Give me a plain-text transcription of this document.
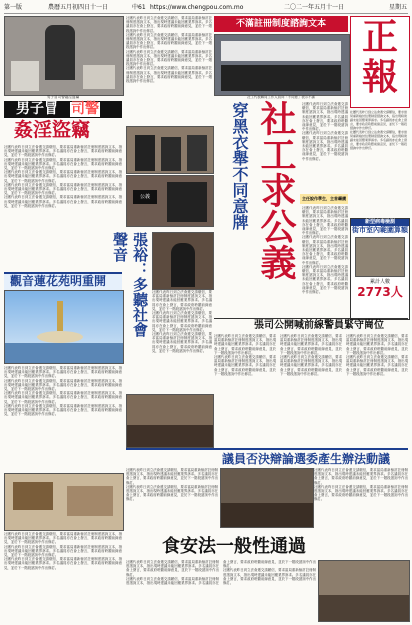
第一版	農曆五月初四日十一日	中61 https://www.chengpou.com.mo	二〇二一年五月十一日	星期五
男子冒司警姦淫盜竊
男子冒 司警
姦淫盜竊
社團代表昨日到立法會遞交請願信，要求當局重新檢討註冊制度諮詢文本，指出現時建議未能回應業界訴求。多名議員亦在會上發言，要求政府聆聽前線意見，並於下一階段諮詢中作出修訂。
社團代表昨日到立法會遞交請願信，要求當局重新檢討註冊制度諮詢文本，指出現時建議未能回應業界訴求。多名議員亦在會上發言，要求政府聆聽前線意見，並於下一階段諮詢中作出修訂。
社團代表昨日到立法會遞交請願信，要求當局重新檢討註冊制度諮詢文本，指出現時建議未能回應業界訴求。多名議員亦在會上發言，要求政府聆聽前線意見，並於下一階段諮詢中作出修訂。
社團代表昨日到立法會遞交請願信，要求當局重新檢討註冊制度諮詢文本，指出現時建議未能回應業界訴求。多名議員亦在會上發言，要求政府聆聽前線意見，並於下一階段諮詢中作出修訂。
社團代表昨日到立法會遞交請願信，要求當局重新檢討註冊制度諮詢文本，指出現時建議未能回應業界訴求。多名議員亦在會上發言，要求政府聆聽前線意見，並於下一階段諮詢中作出修訂。
觀音蓮花苑明重開
社團代表昨日到立法會遞交請願信，要求當局重新檢討註冊制度諮詢文本，指出現時建議未能回應業界訴求。多名議員亦在會上發言，要求政府聆聽前線意見，並於下一階段諮詢中作出修訂。
社團代表昨日到立法會遞交請願信，要求當局重新檢討註冊制度諮詢文本，指出現時建議未能回應業界訴求。多名議員亦在會上發言，要求政府聆聽前線意見，並於下一階段諮詢中作出修訂。
社團代表昨日到立法會遞交請願信，要求當局重新檢討註冊制度諮詢文本，指出現時建議未能回應業界訴求。多名議員亦在會上發言，要求政府聆聽前線意見，並於下一階段諮詢中作出修訂。
社團代表昨日到立法會遞交請願信，要求當局重新檢討註冊制度諮詢文本，指出現時建議未能回應業界訴求。多名議員亦在會上發言，要求政府聆聽前線意見，並於下一階段諮詢中作出修訂。
社團代表昨日到立法會遞交請願信，要求當局重新檢討註冊制度諮詢文本，指出現時建議未能回應業界訴求。多名議員亦在會上發言，要求政府聆聽前線意見，並於下一階段諮詢中作出修訂。
社團代表昨日到立法會遞交請願信，要求當局重新檢討註冊制度諮詢文本，指出現時建議未能回應業界訴求。多名議員亦在會上發言，要求政府聆聽前線意見，並於下一階段諮詢中作出修訂。
社團代表昨日到立法會遞交請願信，要求當局重新檢討註冊制度諮詢文本，指出現時建議未能回應業界訴求。多名議員亦在會上發言，要求政府聆聽前線意見，並於下一階段諮詢中作出修訂。
社團代表昨日到立法會遞交請願信，要求當局重新檢討註冊制度諮詢文本，指出現時建議未能回應業界訴求。多名議員亦在會上發言，要求政府聆聽前線意見，並於下一階段諮詢中作出修訂。
社團代表昨日到立法會遞交請願信，要求當局重新檢討註冊制度諮詢文本，指出現時建議未能回應業界訴求。多名議員亦在會上發言，要求政府聆聽前線意見，並於下一階段諮詢中作出修訂。
社團代表昨日到立法會遞交請願信，要求當局重新檢討註冊制度諮詢文本，指出現時建議未能回應業界訴求。多名議員亦在會上發言，要求政府聆聽前線意見，並於下一階段諮詢中作出修訂。
社團代表昨日到立法會遞交請願信，要求當局重新檢討註冊制度諮詢文本，指出現時建議未能回應業界訴求。多名議員亦在會上發言，要求政府聆聽前線意見，並於下一階段諮詢中作出修訂。
公義
張裕：多聽社會聲音
社團代表昨日到立法會遞交請願信，要求當局重新檢討註冊制度諮詢文本，指出現時建議未能回應業界訴求。多名議員亦在會上發言，要求政府聆聽前線意見，並於下一階段諮詢中作出修訂。
社團代表昨日到立法會遞交請願信，要求當局重新檢討註冊制度諮詢文本，指出現時建議未能回應業界訴求。多名議員亦在會上發言，要求政府聆聽前線意見，並於下一階段諮詢中作出修訂。
社團代表昨日到立法會遞交請願信，要求當局重新檢討註冊制度諮詢文本，指出現時建議未能回應業界訴求。多名議員亦在會上發言，要求政府聆聽前線意見，並於下一階段諮詢中作出修訂。
不滿註冊制度諮詢文本
社工代表聯同工作人員向「不同意」表示不滿
穿黑衣舉不同意牌 社工求公義	社團代表昨日到立法會遞交請願信，要求當局重新檢討註冊制度諮詢文本，指出現時建議未能回應業界訴求。多名議員亦在會上發言，要求政府聆聽前線意見，並於下一階段諮詢中作出修訂。
社團代表昨日到立法會遞交請願信，要求當局重新檢討註冊制度諮詢文本，指出現時建議未能回應業界訴求。多名議員亦在會上發言，要求政府聆聽前線意見，並於下一階段諮詢中作出修訂。
主任說作學生，主首繼續
社團代表昨日到立法會遞交請願信，要求當局重新檢討註冊制度諮詢文本，指出現時建議未能回應業界訴求。多名議員亦在會上發言，要求政府聆聽前線意見，並於下一階段諮詢中作出修訂。
社團代表昨日到立法會遞交請願信，要求當局重新檢討註冊制度諮詢文本，指出現時建議未能回應業界訴求。多名議員亦在會上發言，要求政府聆聽前線意見，並於下一階段諮詢中作出修訂。
社團代表昨日到立法會遞交請願信，要求當局重新檢討註冊制度諮詢文本，指出現時建議未能回應業界訴求。多名議員亦在會上發言，要求政府聆聽前線意見，並於下一階段諮詢中作出修訂。
正
報
社團代表昨日到立法會遞交請願信，要求當局重新檢討註冊制度諮詢文本，指出現時建議未能回應業界訴求。多名議員亦在會上發言，要求政府聆聽前線意見，並於下一階段諮詢中作出修訂。
社團代表昨日到立法會遞交請願信，要求當局重新檢討註冊制度諮詢文本，指出現時建議未能回應業界訴求。多名議員亦在會上發言，要求政府聆聽前線意見，並於下一階段諮詢中作出修訂。
新型病毒檢測
街市室內範圍算額
累計人數
2773人
張司公開喊前線警員緊守崗位
社團代表昨日到立法會遞交請願信，要求當局重新檢討註冊制度諮詢文本，指出現時建議未能回應業界訴求。多名議員亦在會上發言，要求政府聆聽前線意見，並於下一階段諮詢中作出修訂。
社團代表昨日到立法會遞交請願信，要求當局重新檢討註冊制度諮詢文本，指出現時建議未能回應業界訴求。多名議員亦在會上發言，要求政府聆聽前線意見，並於下一階段諮詢中作出修訂。
社團代表昨日到立法會遞交請願信，要求當局重新檢討註冊制度諮詢文本，指出現時建議未能回應業界訴求。多名議員亦在會上發言，要求政府聆聽前線意見，並於下一階段諮詢中作出修訂。
社團代表昨日到立法會遞交請願信，要求當局重新檢討註冊制度諮詢文本，指出現時建議未能回應業界訴求。多名議員亦在會上發言，要求政府聆聽前線意見，並於下一階段諮詢中作出修訂。
社團代表昨日到立法會遞交請願信，要求當局重新檢討註冊制度諮詢文本，指出現時建議未能回應業界訴求。多名議員亦在會上發言，要求政府聆聽前線意見，並於下一階段諮詢中作出修訂。
社團代表昨日到立法會遞交請願信，要求當局重新檢討註冊制度諮詢文本，指出現時建議未能回應業界訴求。多名議員亦在會上發言，要求政府聆聽前線意見，並於下一階段諮詢中作出修訂。
議員否決辯論選委產生辦法動議
社團代表昨日到立法會遞交請願信，要求當局重新檢討註冊制度諮詢文本，指出現時建議未能回應業界訴求。多名議員亦在會上發言，要求政府聆聽前線意見，並於下一階段諮詢中作出修訂。
社團代表昨日到立法會遞交請願信，要求當局重新檢討註冊制度諮詢文本，指出現時建議未能回應業界訴求。多名議員亦在會上發言，要求政府聆聽前線意見，並於下一階段諮詢中作出修訂。
社團代表昨日到立法會遞交請願信，要求當局重新檢討註冊制度諮詢文本，指出現時建議未能回應業界訴求。多名議員亦在會上發言，要求政府聆聽前線意見，並於下一階段諮詢中作出修訂。
社團代表昨日到立法會遞交請願信，要求當局重新檢討註冊制度諮詢文本，指出現時建議未能回應業界訴求。多名議員亦在會上發言，要求政府聆聽前線意見，並於下一階段諮詢中作出修訂。
食安法一般性通過
社團代表昨日到立法會遞交請願信，要求當局重新檢討註冊制度諮詢文本，指出現時建議未能回應業界訴求。多名議員亦在會上發言，要求政府聆聽前線意見，並於下一階段諮詢中作出修訂。
社團代表昨日到立法會遞交請願信，要求當局重新檢討註冊制度諮詢文本，指出現時建議未能回應業界訴求。多名議員亦在會上發言，要求政府聆聽前線意見，並於下一階段諮詢中作出修訂。
社團代表昨日到立法會遞交請願信，要求當局重新檢討註冊制度諮詢文本，指出現時建議未能回應業界訴求。多名議員亦在會上發言，要求政府聆聽前線意見，並於下一階段諮詢中作出修訂。
